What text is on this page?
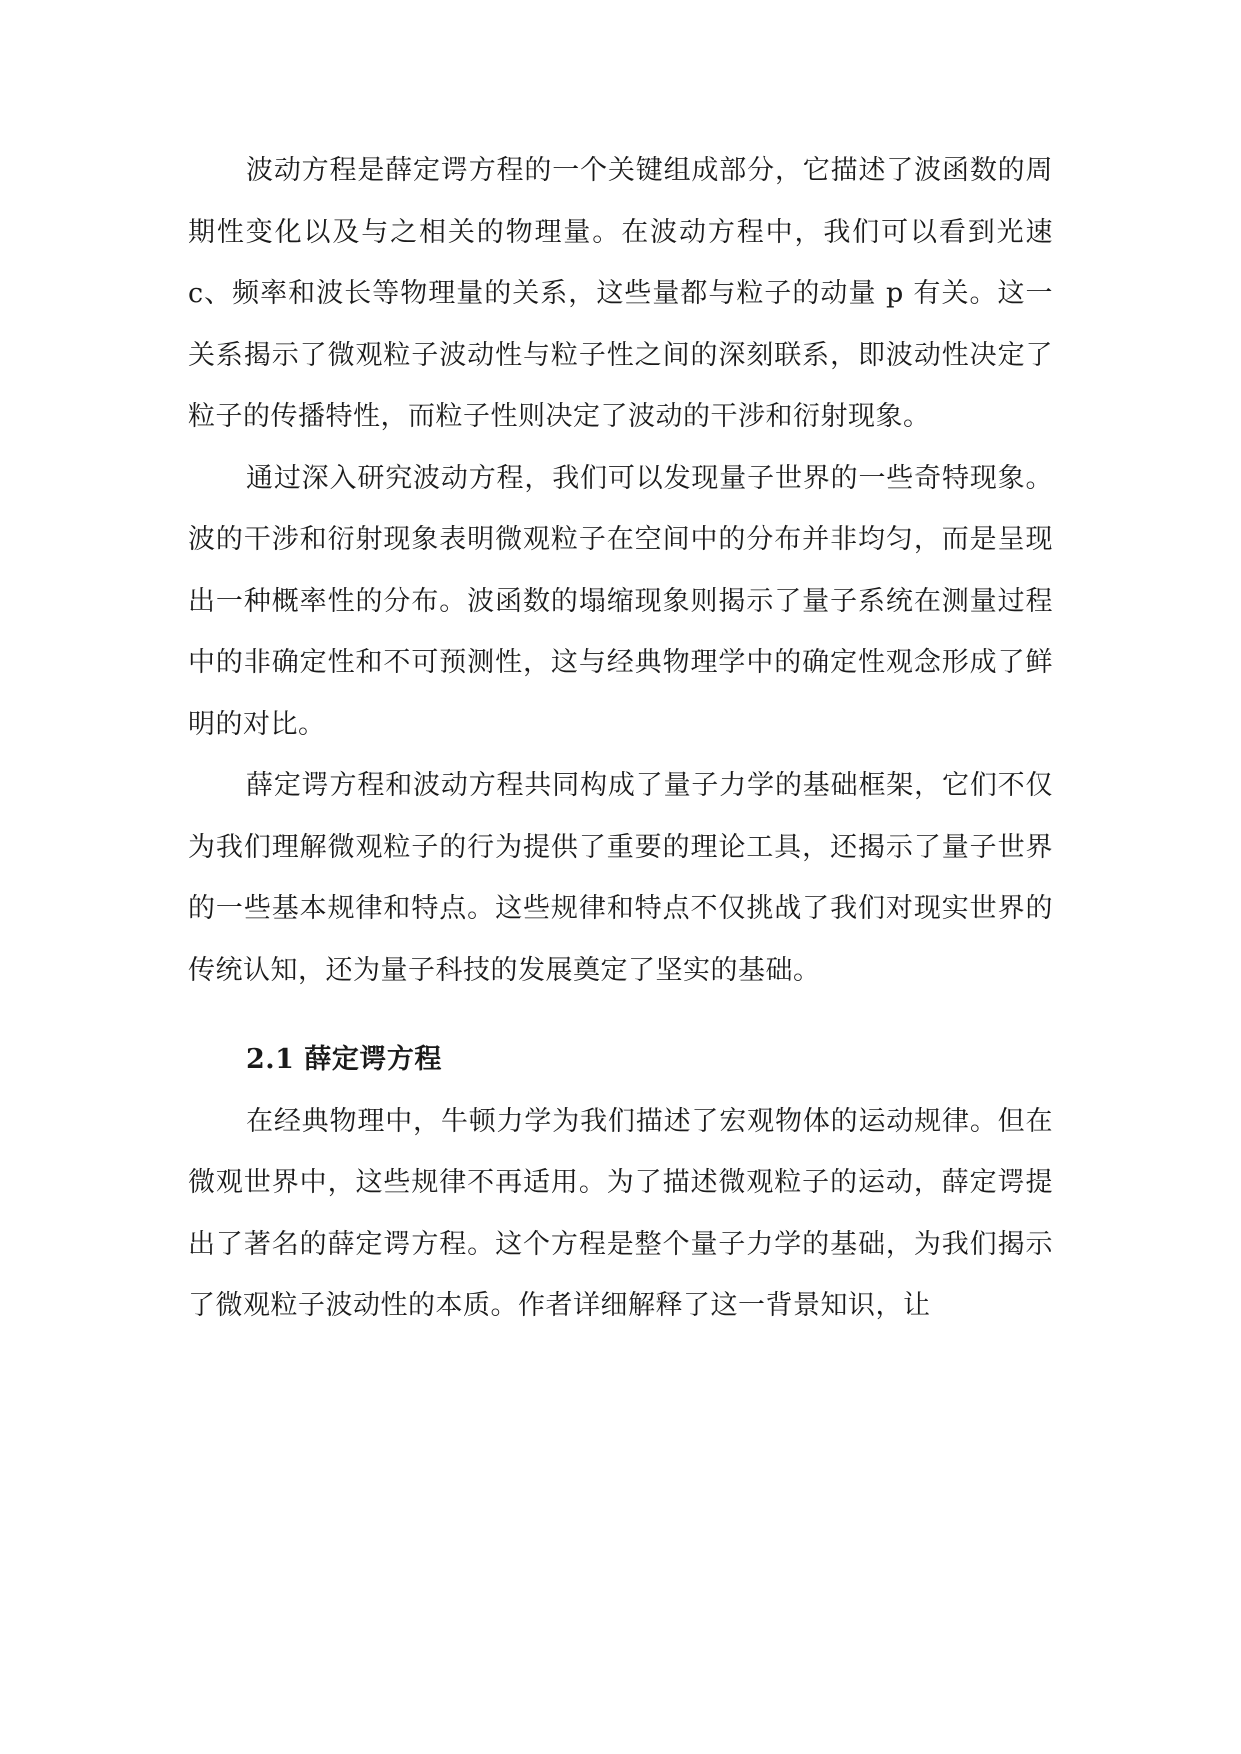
波动方程是薛定谔方程的一个关键组成部分，它描述了波函数的周期性变化以及与之相关的物理量。在波动方程中，我们可以看到光速 c、频率和波长等物理量的关系，这些量都与粒子的动量 p 有关。这一关系揭示了微观粒子波动性与粒子性之间的深刻联系，即波动性决定了粒子的传播特性，而粒子性则决定了波动的干涉和衍射现象。

通过深入研究波动方程，我们可以发现量子世界的一些奇特现象。波的干涉和衍射现象表明微观粒子在空间中的分布并非均匀，而是呈现出一种概率性的分布。波函数的塌缩现象则揭示了量子系统在测量过程中的非确定性和不可预测性，这与经典物理学中的确定性观念形成了鲜明的对比。

薛定谔方程和波动方程共同构成了量子力学的基础框架，它们不仅为我们理解微观粒子的行为提供了重要的理论工具，还揭示了量子世界的一些基本规律和特点。这些规律和特点不仅挑战了我们对现实世界的传统认知，还为量子科技的发展奠定了坚实的基础。

2.1 薛定谔方程

在经典物理中，牛顿力学为我们描述了宏观物体的运动规律。但在微观世界中，这些规律不再适用。为了描述微观粒子的运动，薛定谔提出了著名的薛定谔方程。这个方程是整个量子力学的基础，为我们揭示了微观粒子波动性的本质。作者详细解释了这一背景知识，让
